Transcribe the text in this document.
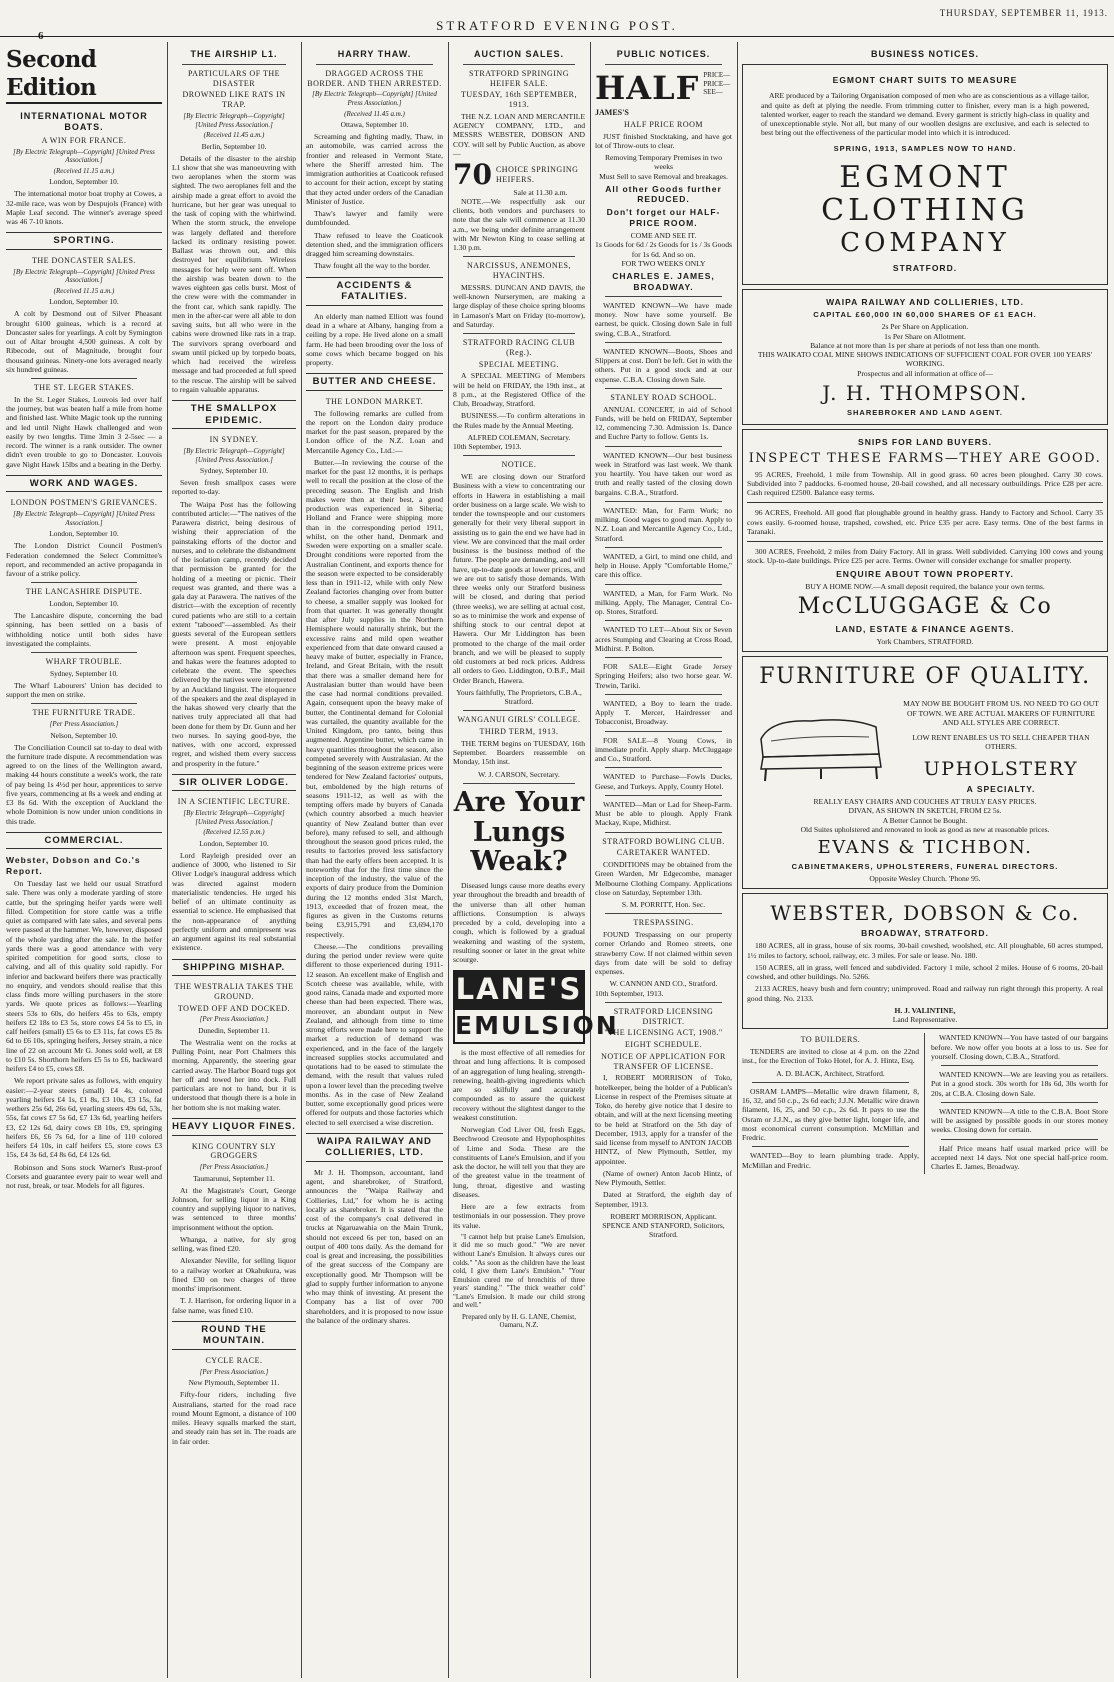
6
STRATFORD EVENING POST.
THURSDAY, SEPTEMBER 11, 1913.
Second Edition
INTERNATIONAL MOTOR BOATS.
A WIN FOR FRANCE.
[By Electric Telegraph—Copyright] [United Press Association.]
(Received 11.15 a.m.)
London, September 10.

The international motor boat trophy at Cowes, a 32-mile race, was won by Despujols (France) with Maple Leaf second. The winner's average speed was 46 7-10 knots.

SPORTING.
THE DONCASTER SALES.
[By Electric Telegraph—Copyright] [United Press Association.]
(Received 11.15 a.m.)
London, September 10.

A colt by Desmond out of Silver Pheasant brought 6100 guineas, which is a record at Doncaster sales for yearlings. A colt by Symington out of Altar brought 4,500 guineas. A colt by Ribecode, out of Magnitude, brought four thousand guineas. Ninety-one lots averaged nearly six hundred guineas.

THE ST. LEGER STAKES.

In the St. Leger Stakes, Louvois led over half the journey, but was beaten half a mile from home and finished last. White Magic took up the running and led until Night Hawk challenged and won easily by two lengths. Time 3min 3 2-5sec — a record. The winner is a rank outsider. The owner didn't even trouble to go to Doncaster. Louvois gave Night Hawk 15lbs and a beating in the Derby.

WORK AND WAGES.
LONDON POSTMEN'S GRIEVANCES.
[By Electric Telegraph—Copyright] [United Press Association.]
London, September 10.

The London District Council Postmen's Federation condemned the Select Committee's report, and recommended an active propaganda in favour of a strike policy.

THE LANCASHIRE DISPUTE.
London, September 10.

The Lancashire dispute, concerning the bad spinning, has been settled on a basis of withholding notice until both sides have investigated the complaints.

WHARF TROUBLE.
Sydney, September 10.

The Wharf Labourers' Union has decided to support the men on strike.

THE FURNITURE TRADE.
[Per Press Association.]
Nelson, September 10.

The Conciliation Council sat to-day to deal with the furniture trade dispute. A recommendation was agreed to on the lines of the Wellington award, making 44 hours constitute a week's work, the rate of pay being 1s 4½d per hour, apprentices to serve five years, commencing at 8s a week and ending at £3 8s 6d. With the exception of Auckland the whole Dominion is now under union conditions in this trade.

COMMERCIAL.
Webster, Dobson and Co.'s Report.

On Tuesday last we held our usual Stratford sale. There was only a moderate yarding of store cattle, but the springing heifer yards were well filled. Competition for store cattle was a trifle quiet as compared with late sales, and several pens were passed at the hammer. We, however, disposed of the whole yarding after the sale. In the heifer yards there was a good attendance with very spirited competition for good sorts, close to calving, and all of this quality sold rapidly. For inferior and backward heifers there was practically no enquiry, and vendors should realise that this class finds more willing purchasers in the store yards. We quote prices as follows:—Yearling steers 53s to 60s, do heifers 45s to 63s, empty heifers £2 18s to £3 5s, store cows £4 5s to £5, in calf heifers (small) £5 6s to £3 11s, fat cows £5 8s 6d to £6 10s, springing heifers, Jersey strain, a nice line of 22 on account Mr G. Jones sold well, at £8 to £10 5s. Shorthorn heifers £5 5s to £6, backward heifers £4 to £5, cows £8.

We report private sales as follows, with enquiry easier:—2-year steers (small) £4 4s, colored yearling heifers £4 1s, £1 8s, £3 10s, £3 15s, fat wethers 25s 6d, 26s 6d, yearling steers 49s 6d, 53s, 55s, fat cows £7 5s 6d, £7 13s 6d, yearling heifers £3, £2 12s 6d, dairy cows £8 10s, £9, springing heifers £6, £6 7s 6d, for a line of 110 colored heifers £4 10s, in calf heifers £5, store cows £3 15s, £4 3s 6d, £4 8s 6d, £4 12s 6d.

Robinson and Sons stock Warner's Rust-proof Corsets and guarantee every pair to wear well and not rust, break, or tear. Models for all figures.

THE AIRSHIP L1.
PARTICULARS OF THE DISASTER
DROWNED LIKE RATS IN TRAP.
[By Electric Telegraph—Copyright] [United Press Association.]
(Received 11.45 a.m.)
Berlin, September 10.

Details of the disaster to the airship L1 show that she was manoeuvring with two aeroplanes when the storm was sighted. The two aeroplanes fell and the airship made a great effort to avoid the hurricane, but her gear was unequal to the task of coping with the whirlwind. When the storm struck, the envelope was largely deflated and therefore lacked its ordinary resisting power. Ballast was thrown out, and this destroyed her equilibrium. Wireless messages for help were sent off. When the airship was beaten down to the waves eighteen gas cells burst. Most of the crew were with the commander in the front car, which sank rapidly. The men in the after-car were all able to don saving suits, but all who were in the cabins were drowned like rats in a trap. The survivors sprang overboard and swam until picked up by torpedo boats, which had received the wireless message and had proceeded at full speed to the rescue. The airship will be salved to regain valuable apparatus.

THE SMALLPOX EPIDEMIC.
IN SYDNEY.
[By Electric Telegraph—Copyright] [United Press Association.]
Sydney, September 10.

Seven fresh smallpox cases were reported to-day.

The Waipa Post has the following contributed article:—"The natives of the Parawera district, being desirous of wishing their appreciation of the painstaking efforts of the doctor and nurses, and to celebrate the disbandment of the isolation camp, recently decided that permission be granted for the holding of a meeting or picnic. Their request was granted, and there was a gala day at Parawera. The natives of the district—with the exception of recently cured patients who are still to a certain extent "tabooed"—assembled. As their guests several of the European settlers were present. A most enjoyable afternoon was spent. Frequent speeches, and hakas were the features adopted to celebrate the event. The speeches delivered by the natives were interpreted by an Auckland linguist. The eloquence of the speakers and the zeal displayed in the hakas showed very clearly that the natives truly appreciated all that had been done for them by Dr. Gunn and her two nurses. In saying good-bye, the natives, with one accord, expressed regret, and wished them every success and prosperity in the future."

SIR OLIVER LODGE.
IN A SCIENTIFIC LECTURE.
[By Electric Telegraph—Copyright] [United Press Association.]
(Received 12.55 p.m.)
London, September 10.

Lord Rayleigh presided over an audience of 3000, who listened to Sir Oliver Lodge's inaugural address which was directed against modern materialistic tendencies. He urged his belief of an ultimate continuity as essential to science. He emphasised that the non-appearance of anything perfectly uniform and omnipresent was an argument against its real substantial existence.

SHIPPING MISHAP.
THE WESTRALIA TAKES THE GROUND.
TOWED OFF AND DOCKED.
[Per Press Association.]
Dunedin, September 11.

The Westralia went on the rocks at Pulling Point, near Port Chalmers this morning. Apparently, the steering gear carried away. The Harbor Board tugs got her off and towed her into dock. Full particulars are not to hand, but it is understood that though there is a hole in her bottom she is not making water.

HEAVY LIQUOR FINES.
KING COUNTRY SLY GROGGERS
[Per Press Association.]
Taumarunui, September 11.

At the Magistrate's Court, George Johnson, for selling liquor in a King country and supplying liquor to natives, was sentenced to three months' imprisonment without the option.

Whanga, a native, for sly grog selling, was fined £20.

Alexander Neville, for selling liquor to a railway worker at Okahukura, was fined £30 on two charges of three months' imprisonment.

T. J. Harrison, for ordering liquor in a false name, was fined £10.

ROUND THE MOUNTAIN.
CYCLE RACE.
[Per Press Association.]
New Plymouth, September 11.

Fifty-four riders, including five Australians, started for the road race round Mount Egmont, a distance of 100 miles. Heavy squalls marked the start, and steady rain has set in. The roads are in fair order.

HARRY THAW.
DRAGGED ACROSS THE BORDER. AND THEN ARRESTED.
[By Electric Telegraph—Copyright] [United Press Association.]
(Received 11.45 a.m.)
Ottawa, September 10.

Screaming and fighting madly, Thaw, in an automobile, was carried across the frontier and released in Vermont State, where the Sheriff arrested him. The immigration authorities at Coaticook refused to account for their action, except by stating that they acted under orders of the Canadian Minister of Justice.

Thaw's lawyer and family were dumbfounded.

Thaw refused to leave the Coaticook detention shed, and the immigration officers dragged him screaming downstairs.

Thaw fought all the way to the border.

ACCIDENTS & FATALITIES.

An elderly man named Elliott was found dead in a whare at Albany, hanging from a ceiling by a rope. He lived alone on a small farm. He had been brooding over the loss of some cows which became bogged on his property.

BUTTER AND CHEESE.
THE LONDON MARKET.

The following remarks are culled from the report on the London dairy produce market for the past season, prepared by the London office of the N.Z. Loan and Mercantile Agency Co., Ltd.:—

Butter.—In reviewing the course of the market for the past 12 months, it is perhaps well to recall the position at the close of the preceding season. The English and Irish makes were then at their best, a good production was experienced in Siberia; Holland and France were shipping more than in the corresponding period 1911, whilst, on the other hand, Denmark and Sweden were exporting on a smaller scale. Drought conditions were reported from the Australian Continent, and exports thence for the season were expected to be considerably less than in 1911-12, while with only New Zealand factories changing over from butter to cheese, a smaller supply was looked for from that quarter. It was generally thought that after July supplies in the Northern Hemisphere would naturally shrink, but the excessive rains and mild open weather experienced from that date onward caused a heavy make of butter, especially in France, Ireland, and Great Britain, with the result that there was a smaller demand here for Australasian butter than would have been the case had normal conditions prevailed. Again, consequent upon the heavy make of butter, the Continental demand for Colonial was curtailed, the quantity available for the United Kingdom, pro tanto, being thus augmented. Argentine butter, which came in heavy quantities throughout the season, also competed severely with Australasian. At the beginning of the season extreme prices were tendered for New Zealand factories' outputs, but, emboldened by the high returns of seasons 1911-12, as well as with the tempting offers made by buyers of Canada (which country absorbed a much heavier quantity of New Zealand butter than ever before), many refused to sell, and although throughout the season good prices ruled, the results to factories proved less satisfactory than had the early offers been accepted. It is noteworthy that for the first time since the inception of the industry, the value of the exports of dairy produce from the Dominion during the 12 months ended 31st March, 1913, exceeded that of frozen meat, the figures as given in the Customs returns being £3,915,791 and £3,694,170 respectively.

Cheese.—The conditions prevailing during the period under review were quite different to those experienced during 1911-12 season. An excellent make of English and Scotch cheese was available, while, with good rains, Canada made and exported more cheese than had been expected. There was, moreover, an abundant output in New Zealand, and although from time to time strong efforts were made here to support the market a reduction of demand was experienced, and in the face of the largely increased supplies stocks accumulated and quotations had to be eased to stimulate the demand, with the result that values ruled upon a lower level than the preceding twelve months. As in the case of New Zealand butter, some exceptionally good prices were offered for outputs and those factories which elected to sell exercised a wise discretion.

WAIPA RAILWAY AND COLLIERIES, LTD.

Mr J. H. Thompson, accountant, land agent, and sharebroker, of Stratford, announces the "Waipa Railway and Collieries, Ltd," for whom he is acting locally as sharebroker. It is stated that the cost of the company's coal delivered in trucks at Ngaruawahia on the Main Trunk, should not exceed 6s per ton, based on an output of 400 tons daily. As the demand for coal is great and increasing, the possibilities of the great success of the Company are exceptionally good. Mr Thompson will be glad to supply further information to anyone who may think of investing. At present the Company has a list of over 700 shareholders, and it is proposed to now issue the balance of the ordinary shares.

AUCTION SALES.
STRATFORD SPRINGING HEIFER SALE.
TUESDAY, 16th SEPTEMBER, 1913.

THE N.Z. LOAN AND MERCANTILE AGENCY COMPANY, LTD., and MESSRS WEBSTER, DOBSON AND COY. will sell by Public Auction, as above—

70 CHOICE SPRINGING HEIFERS.
Sale at 11.30 a.m.

NOTE.—We respectfully ask our clients, both vendors and purchasers to note that the sale will commence at 11.30 a.m., we being under definite arrangement with Mr Newton King to cease selling at 1.30 p.m.

NARCISSUS, ANEMONES, HYACINTHS.

MESSRS. DUNCAN AND DAVIS, the well-known Nurserymen, are making a large display of these choice spring blooms in Lamason's Mart on Friday (to-morrow), and Saturday.

STRATFORD RACING CLUB (Reg.).
SPECIAL MEETING.

A SPECIAL MEETING of Members will be held on FRIDAY, the 19th inst., at 8 p.m., at the Registered Office of the Club, Broadway, Stratford.

BUSINESS.—To confirm alterations in the Rules made by the Annual Meeting.

ALFRED COLEMAN, Secretary.
10th September, 1913.
NOTICE.

WE are closing down our Stratford Business with a view to concentrating our efforts in Hawera in establishing a mail order business on a large scale. We wish to tender the townspeople and our customers generally for their very liberal support in assisting us to gain the end we have had in view. We are convinced that the mail order business is the business method of the future. The people are demanding, and will have, up-to-date goods at lower prices, and we are out to satisfy those demands. With three weeks only our Stratford business will be closed, and during that period (three weeks), we are selling at actual cost, so as to minimise the work and expense of shifting stock to our central depot at Hawera. Our Mr Liddington has been promoted to the charge of the mail order branch, and we will be pleased to supply old customers at bed rock prices. Address all orders to Geo. Liddington, O.B.F., Mail Order Branch, Hawera.

Yours faithfully, The Proprietors, C.B.A., Stratford.
WANGANUI GIRLS' COLLEGE.
THIRD TERM, 1913.

THE TERM begins on TUESDAY, 16th September. Boarders reassemble on Monday, 15th inst.

W. J. CARSON, Secretary.
Are Your Lungs Weak?

Diseased lungs cause more deaths every year throughout the breadth and breadth of the universe than all other human afflictions. Consumption is always preceded by a cold, developing into a cough, which is followed by a gradual weakening and wasting of the system, resulting sooner or later in the great white scourge.

LANE'S
EMULSION

is the most effective of all remedies for throat and lung affections. It is composed of an aggregation of lung healing, strength-renewing, health-giving ingredients which are so skilfully and accurately compounded as to assure the quickest recovery without the slightest danger to the weakest constitution.

Norwegian Cod Liver Oil, fresh Eggs, Beechwood Creosote and Hypophosphites of Lime and Soda. These are the constituents of Lane's Emulsion, and if you ask the doctor, he will tell you that they are of the greatest value in the treatment of lung, throat, digestive and wasting diseases.

Here are a few extracts from testimonials in our possession. They prove its value.

"I cannot help but praise Lane's Emulsion, it did me so much good." "We are never without Lane's Emulsion. It always cures our colds." "As soon as the children have the least cold, I give them Lane's Emulsion." "Your Emulsion cured me of bronchitis of three years' standing." "The thick weather cold" "Lane's Emulsion. It made our child strong and well."

Prepared only by H. G. LANE, Chemist, Oamaru, N.Z.
PUBLIC NOTICES.
HALF PRICE—PRICE—SEE—
JAMES'S
HALF PRICE ROOM

JUST finished Stocktaking, and have got lot of Throw-outs to clear.

Removing Temporary Premises in two weeks
Must Sell to save Removal and breakages.
All other Goods further REDUCED.
Don't forget our HALF-PRICE ROOM.
COME AND SEE IT.
1s Goods for 6d / 2s Goods for 1s / 3s Goods for 1s 6d. And so on.
FOR TWO WEEKS ONLY
CHARLES E. JAMES, BROADWAY.

WANTED KNOWN—We have made money. Now have some yourself. Be earnest, be quick. Closing down Sale in full swing, C.B.A., Stratford.

WANTED KNOWN—Boots, Shoes and Slippers at cost. Don't be left. Get in with the others. Put in a good stock and at our expense. C.B.A. Closing down Sale.

STANLEY ROAD SCHOOL.

ANNUAL CONCERT, in aid of School Funds, will be held on FRIDAY, September 12, commencing 7.30. Admission 1s. Dance and Euchre Party to follow. Gents 1s.

WANTED KNOWN—Our best business week in Stratford was last week. We thank you heartily. You have taken our word as truth and really tasted of the closing down bargains. C.B.A., Stratford.

WANTED: Man, for Farm Work; no milking. Good wages to good man. Apply to N.Z. Loan and Mercantile Agency Co., Ltd., Stratford.

WANTED, a Girl, to mind one child, and help in House. Apply "Comfortable Home," care this office.

WANTED, a Man, for Farm Work. No milking. Apply, The Manager, Central Co-op. Stores, Stratford.

WANTED TO LET—About Six or Seven acres Stumping and Clearing at Cross Road, Midhirst. P. Bolton.

FOR SALE—Eight Grade Jersey Springing Heifers; also two horse gear. W. Trewin, Tariki.

WANTED, a Boy to learn the trade. Apply T. Mercer, Hairdresser and Tobacconist, Broadway.

FOR SALE—8 Young Cows, in immediate profit. Apply sharp. McCluggage and Co., Stratford.

WANTED to Purchase—Fowls Ducks, Geese, and Turkeys. Apply, County Hotel.

WANTED—Man or Lad for Sheep-Farm. Must be able to plough. Apply Frank Mackay, Kupe, Midhirst.

STRATFORD BOWLING CLUB.
CARETAKER WANTED.

CONDITIONS may be obtained from the Green Warden, Mr Edgecombe, manager Melbourne Clothing Company. Applications close on Saturday, September 13th.

S. M. PORRITT, Hon. Sec.
TRESPASSING.

FOUND Trespassing on our property corner Orlando and Romeo streets, one strawberry Cow. If not claimed within seven days from date will be sold to defray expenses.

W. CANNON AND CO., Stratford.
10th September, 1913.
STRATFORD LICENSING DISTRICT.
"THE LICENSING ACT, 1908."
EIGHT SCHEDULE.
NOTICE OF APPLICATION FOR TRANSFER OF LICENSE.

I, ROBERT MORRISON of Toko, hotelkeeper, being the holder of a Publican's License in respect of the Premises situate at Toko, do hereby give notice that I desire to obtain, and will at the next licensing meeting to be held at Stratford on the 5th day of December, 1913, apply for a transfer of the said license from myself to ANTON JACOB HINTZ, of New Plymouth, Settler, my appointee.

(Name of owner) Anton Jacob Hintz, of New Plymouth, Settler.

Dated at Stratford, the eighth day of September, 1913.

ROBERT MORRISON, Applicant.
SPENCE AND STANFORD, Solicitors, Stratford.
BUSINESS NOTICES.
EGMONT CHART SUITS TO MEASURE

ARE produced by a Tailoring Organisation composed of men who are as conscientious as a village tailor, and quite as deft at plying the needle. From trimming cutter to finisher, every man is a high powered, talented worker, eager to reach the standard we demand. Every garment is strictly high-class in quality and of unexceptionable style. Not all, but many of our woollen designs are exclusive, and each is selected to best bring out the effectiveness of the particular model into which it is introduced.

SPRING, 1913, SAMPLES NOW TO HAND.
EGMONT CLOTHING
COMPANY
STRATFORD.
WAIPA RAILWAY AND COLLIERIES, LTD.
CAPITAL £60,000 IN 60,000 SHARES OF £1 EACH.
2s Per Share on Application.
1s Per Share on Allotment.
Balance at not more than 1s per share at periods of not less than one month.
THIS WAIKATO COAL MINE SHOWS INDICATIONS OF SUFFICIENT COAL FOR OVER 100 YEARS' WORKING.
Prospectus and all information at office of—
J. H. THOMPSON.
SHAREBROKER AND LAND AGENT.
SNIPS FOR LAND BUYERS.
INSPECT THESE FARMS—THEY ARE GOOD.

95 ACRES, Freehold, 1 mile from Township. All in good grass. 60 acres been ploughed. Carry 30 cows. Subdivided into 7 paddocks. 6-roomed house, 20-bail cowshed, and all necessary outbuildings. Price £28 per acre. Cash required £2500. Balance easy terms.

96 ACRES, Freehold. All good flat ploughable ground in healthy grass. Handy to Factory and School. Carry 35 cows easily. 6-roomed house, trapshed, cowshed, etc. Price £35 per acre. Easy terms. One of the best farms in Taranaki.

300 ACRES, Freehold, 2 miles from Dairy Factory. All in grass. Well subdivided. Carrying 100 cows and young stock. Up-to-date buildings. Price £25 per acre. Terms. Owner will consider exchange for smaller property.

ENQUIRE ABOUT TOWN PROPERTY.
BUY A HOME NOW.—A small deposit required, the balance your own terms.
McCLUGGAGE & Co
LAND, ESTATE & FINANCE AGENTS.
York Chambers, STRATFORD.
FURNITURE OF QUALITY.
MAY NOW BE BOUGHT FROM US. NO NEED TO GO OUT OF TOWN. WE ARE ACTUAL MAKERS OF FURNITURE AND ALL STYLES ARE CORRECT.
LOW RENT ENABLES US TO SELL CHEAPER THAN OTHERS.
UPHOLSTERY
A SPECIALTY.
REALLY EASY CHAIRS AND COUCHES AT TRULY EASY PRICES.
DIVAN, AS SHOWN IN SKETCH, FROM £2 5s.
A Better Cannot be Bought.
Old Suites upholstered and renovated to look as good as new at reasonable prices.
EVANS & TICHBON.
CABINETMAKERS, UPHOLSTERERS, FUNERAL DIRECTORS.
Opposite Wesley Church. 'Phone 95.
WEBSTER, DOBSON & Co.
BROADWAY, STRATFORD.

180 ACRES, all in grass, house of six rooms, 30-bail cowshed, woolshed, etc. All ploughable, 60 acres stumped, 1½ miles to factory, school, railway, etc. 3 miles. For sale or lease. No. 180.

150 ACRES, all in grass, well fenced and subdivided. Factory 1 mile, school 2 miles. House of 6 rooms, 20-bail cowshed, and other buildings. No. 5266.

2133 ACRES, heavy bush and fern country; unimproved. Road and railway run right through this property. A real good thing. No. 2133.

H. J. VALINTINE,
Land Representative.
TO BUILDERS.

TENDERS are invited to close at 4 p.m. on the 22nd inst., for the Erection of Toko Hotel, for A. J. Hintz, Esq.

A. D. BLACK, Architect, Stratford.

OSRAM LAMPS—Metallic wire drawn filament, 8, 16, 32, and 50 c.p., 2s 6d each; J.J.N. Metallic wire drawn filament, 16, 25, and 50 c.p., 2s 6d. It pays to use the Osram or J.J.N., as they give better light, longer life, and most economical current consumption. McMillan and Fredric.

WANTED—Boy to learn plumbing trade. Apply, McMillan and Fredric.

WANTED KNOWN—You have tasted of our bargains before. We now offer you boots at a loss to us. See for yourself. Closing down, C.B.A., Stratford.

WANTED KNOWN—We are leaving you as retailers. Put in a good stock. 30s worth for 18s 6d, 30s worth for 20s, at C.B.A. Closing down Sale.

WANTED KNOWN—A title to the C.B.A. Boot Store will be assigned by possible goods in our stores money weeks. Closing down for certain.

Half Price means half usual marked price will be accepted next 14 days. Not one special half-price room. Charles E. James, Broadway.
